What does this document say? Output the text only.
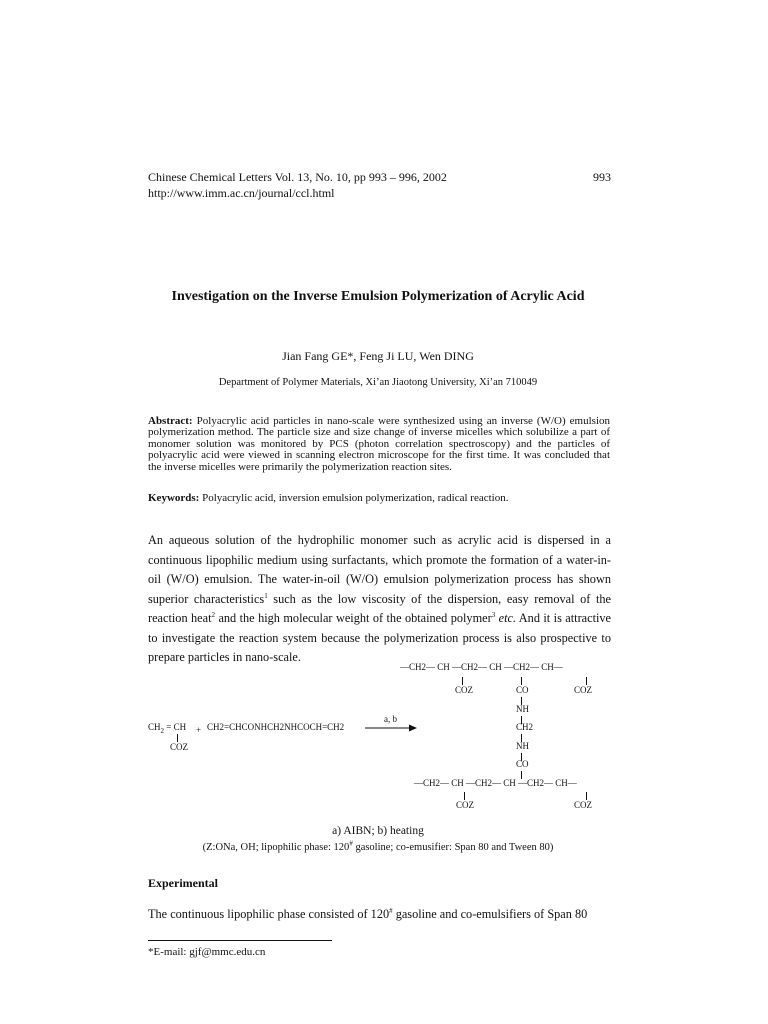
Chinese Chemical Letters Vol. 13, No. 10, pp 993 – 996, 2002
http://www.imm.ac.cn/journal/ccl.html
993
Investigation on the Inverse Emulsion Polymerization of Acrylic Acid
Jian Fang GE*, Feng Ji LU, Wen DING
Department of Polymer Materials, Xi’an Jiaotong University, Xi’an 710049
Abstract: Polyacrylic acid particles in nano-scale were synthesized using an inverse (W/O) emulsion polymerization method. The particle size and size change of inverse micelles which solubilize a part of monomer solution was monitored by PCS (photon correlation spectroscopy) and the particles of polyacrylic acid were viewed in scanning electron microscope for the first time. It was concluded that the inverse micelles were primarily the polymerization reaction sites.
Keywords: Polyacrylic acid, inversion emulsion polymerization, radical reaction.
An aqueous solution of the hydrophilic monomer such as acrylic acid is dispersed in a continuous lipophilic medium using surfactants, which promote the formation of a water-in-oil (W/O) emulsion. The water-in-oil (W/O) emulsion polymerization process has shown superior characteristics$^1$ such as the low viscosity of the dispersion, easy removal of the reaction heat$^2$ and the high molecular weight of the obtained polymer$^3$ etc. And it is attractive to investigate the reaction system because the polymerization process is also prospective to prepare particles in nano-scale.
—CH2— CH —CH2— CH —CH2— CH—
COZ	CO	COZ
NH
CH2
NH
CO
$CH_2$ = CH
COZ
+ CH2=CHCONHCH2NHCOCH=CH2
a, b
—CH2— CH —CH2— CH —CH2— CH—
COZ	COZ
a) AIBN; b) heating
(Z:ONa, OH; lipophilic phase: 120# gasoline; co-emusifier: Span 80 and Tween 80)
Experimental
The continuous lipophilic phase consisted of 120# gasoline and co-emulsifiers of Span 80
*E-mail: gjf@mmc.edu.cn
